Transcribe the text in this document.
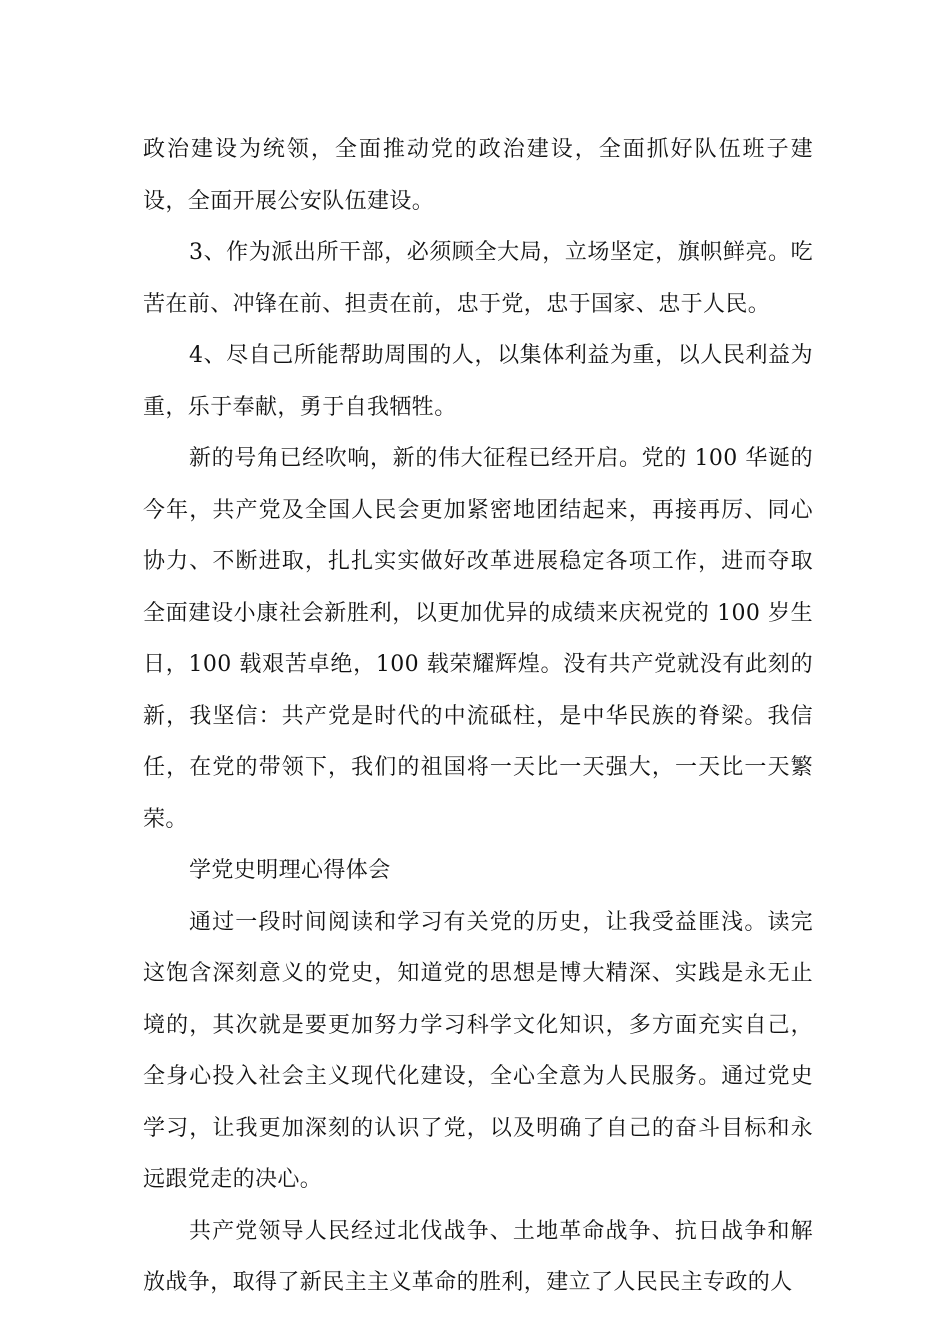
政治建设为统领，全面推动党的政治建设，全面抓好队伍班子建设，全面开展公安队伍建设。

3、作为派出所干部，必须顾全大局，立场坚定，旗帜鲜亮。吃苦在前、冲锋在前、担责在前，忠于党，忠于国家、忠于人民。

4、尽自己所能帮助周围的人，以集体利益为重，以人民利益为重，乐于奉献，勇于自我牺牲。

新的号角已经吹响，新的伟大征程已经开启。党的 100 华诞的今年，共产党及全国人民会更加紧密地团结起来，再接再厉、同心协力、不断进取，扎扎实实做好改革进展稳定各项工作，进而夺取全面建设小康社会新胜利，以更加优异的成绩来庆祝党的 100 岁生日，100 载艰苦卓绝，100 载荣耀辉煌。没有共产党就没有此刻的新，我坚信：共产党是时代的中流砥柱，是中华民族的脊梁。我信任，在党的带领下，我们的祖国将一天比一天强大，一天比一天繁荣。

学党史明理心得体会

通过一段时间阅读和学习有关党的历史，让我受益匪浅。读完这饱含深刻意义的党史，知道党的思想是博大精深、实践是永无止境的，其次就是要更加努力学习科学文化知识，多方面充实自己，全身心投入社会主义现代化建设，全心全意为人民服务。通过党史学习，让我更加深刻的认识了党，以及明确了自己的奋斗目标和永远跟党走的决心。

共产党领导人民经过北伐战争、土地革命战争、抗日战争和解放战争，取得了新民主主义革命的胜利，建立了人民民主专政的人
